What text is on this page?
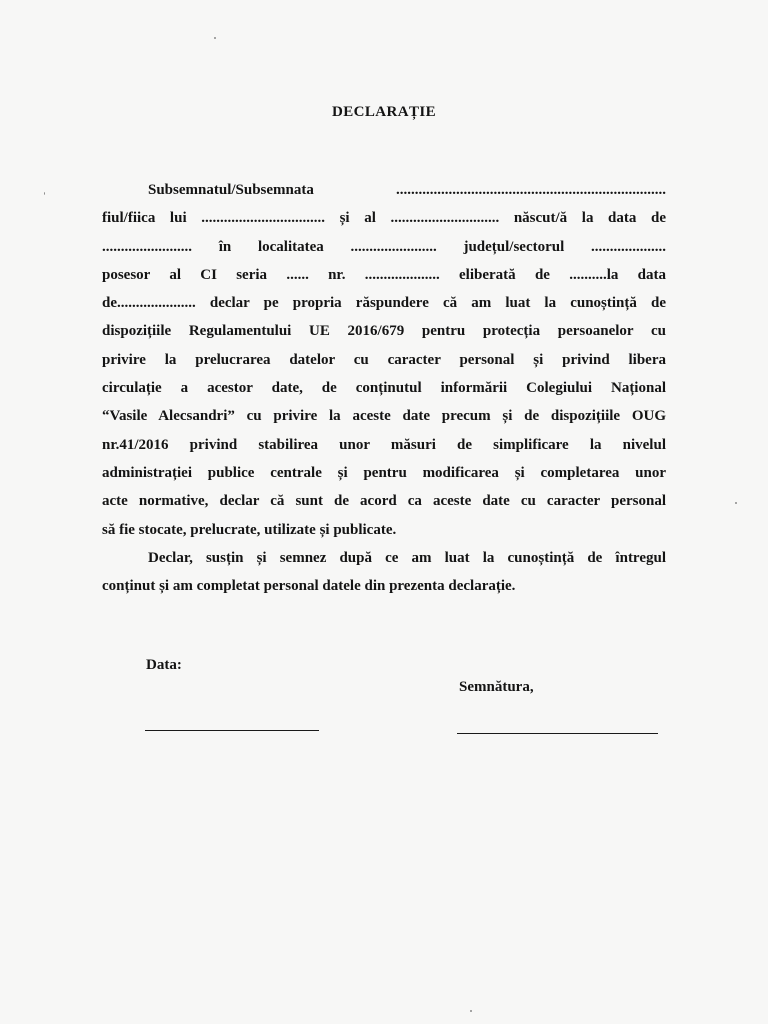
DECLARAȚIE
Subsemnatul/Subsemnata ........................................................................
fiul/fiica lui ................................. și al ............................. născut/ă la data de
........................ în localitatea ....................... județul/sectorul ....................
posesor al CI seria ...... nr. .................... eliberată de ..........la data
de..................... declar pe propria răspundere că am luat la cunoștință de
dispozițiile Regulamentului UE 2016/679 pentru protecția persoanelor cu
privire la prelucrarea datelor cu caracter personal și privind libera
circulație a acestor date, de conținutul informării Colegiului Național
“Vasile Alecsandri” cu privire la aceste date precum și de dispozițiile OUG
nr.41/2016 privind stabilirea unor măsuri de simplificare la nivelul
administrației publice centrale și pentru modificarea și completarea unor
acte normative, declar că sunt de acord ca aceste date cu caracter personal
să fie stocate, prelucrate, utilizate și publicate.
Declar, susțin și semnez după ce am luat la cunoștință de întregul
conținut și am completat personal datele din prezenta declarație.
Data:
Semnătura,
